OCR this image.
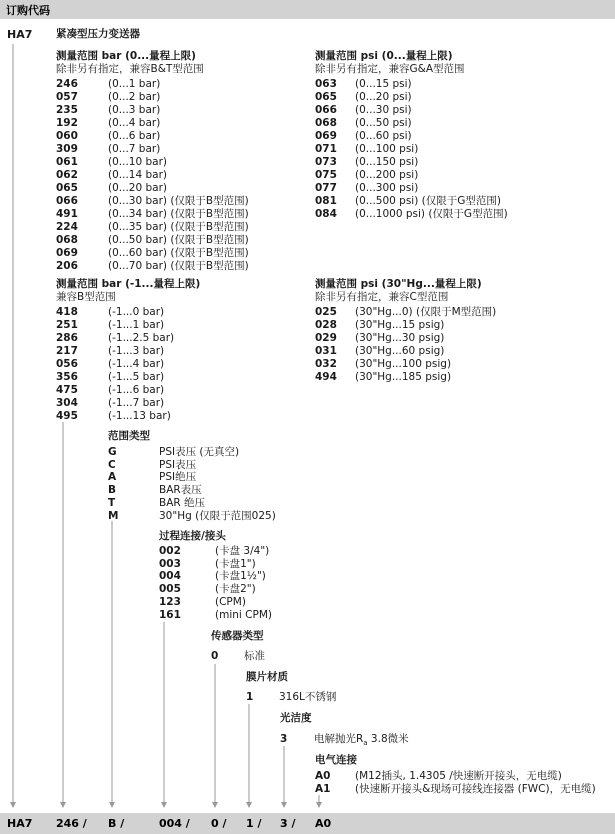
订购代码
HA7 紧凑型压力变送器
测量范围 bar (0...量程上限)
除非另有指定，兼容B&T型范围
246	(0...1 bar)
057	(0...2 bar)
235	(0...3 bar)
192	(0...4 bar)
060	(0...6 bar)
309	(0...7 bar)
061	(0...10 bar)
062	(0...14 bar)
065	(0...20 bar)
066	(0...30 bar) (仅限于B型范围)
491	(0...34 bar) (仅限于B型范围)
224	(0...35 bar) (仅限于B型范围)
068	(0...50 bar) (仅限于B型范围)
069	(0...60 bar) (仅限于B型范围)
206	(0...70 bar) (仅限于B型范围)
测量范围 psi (0...量程上限)
除非另有指定，兼容G&A型范围
063 (0...15 psi)
065 (0...20 psi)
066 (0...30 psi)
068 (0...50 psi)
069 (0...60 psi)
071 (0...100 psi)
073 (0...150 psi)
075 (0...200 psi)
077 (0...300 psi)
081 (0...500 psi) (仅限于G型范围)
084 (0...1000 psi) (仅限于G型范围)
测量范围 bar (-1...量程上限)
兼容B型范围
418	(-1...0 bar)
251	(-1...1 bar)
286	(-1...2.5 bar)
217	(-1...3 bar)
056	(-1...4 bar)
356	(-1...5 bar)
475	(-1...6 bar)
304	(-1...7 bar)
495	(-1...13 bar)
测量范围 psi (30"Hg...量程上限)
除非另有指定，兼容C型范围
025 (30"Hg...0) (仅限于M型范围)
028 (30"Hg...15 psig)
029 (30"Hg...30 psig)
031 (30"Hg...60 psig)
032 (30"Hg...100 psig)
494 (30"Hg...185 psig)
范围类型
G	PSI表压 (无真空)
C	PSI表压
A	PSI绝压
B	BAR表压
T	BAR 绝压
M	30"Hg (仅限于范围025)
过程连接/接头
002	(卡盘 3/4")
003	(卡盘1")
004	(卡盘1½")
005	(卡盘2")
123	(CPM)
161	(mini CPM)
传感器类型
0 标准
膜片材质
1 316L不锈钢
光洁度
3	电解抛光$R_a$ 3.8微米
电气连接
A0 (M12插头, 1.4305 /快速断开接头，无电缆)
A1 (快速断开接头&现场可接线连接器 (FWC)，无电缆)
HA7 246 / B /	004 / 0 / 1 / 3 / A0
